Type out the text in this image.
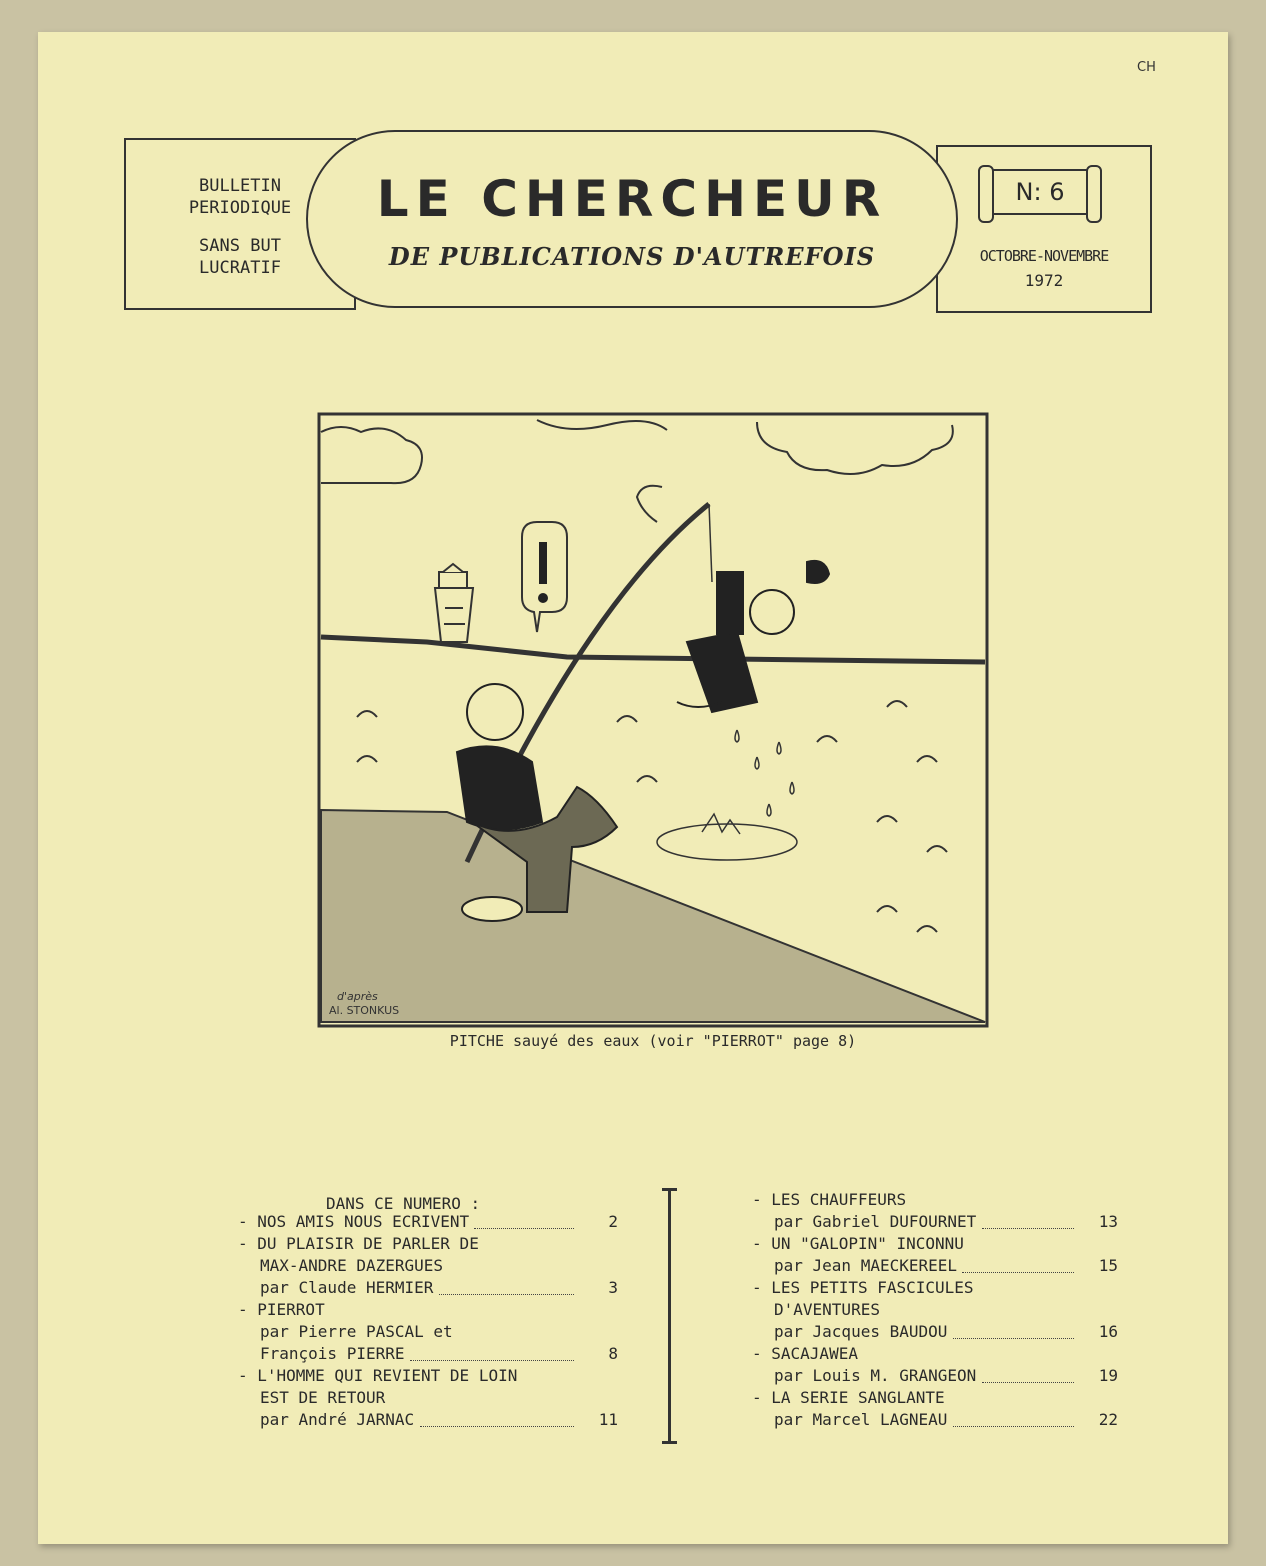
CH
BULLETIN
PERIODIQUE
SANS BUT
LUCRATIF
N: 6
OCTOBRE-NOVEMBRE
1972
LE CHERCHEUR
DE PUBLICATIONS D'AUTREFOIS
d'après
Al. STONKUS
PITCHE sauyé des eaux (voir "PIERROT" page 8)
DANS CE NUMERO :
- NOS AMIS NOUS ECRIVENT	2
- DU PLAISIR DE PARLER DE
MAX-ANDRE DAZERGUES
par Claude HERMIER	3
- PIERROT
par Pierre PASCAL et
François PIERRE	8
- L'HOMME QUI REVIENT DE LOIN
EST DE RETOUR
par André JARNAC	11
- LES CHAUFFEURS
par Gabriel DUFOURNET	13
- UN "GALOPIN" INCONNU
par Jean MAECKEREEL	15
- LES PETITS FASCICULES
D'AVENTURES
par Jacques BAUDOU	16
- SACAJAWEA
par Louis M. GRANGEON	19
- LA SERIE SANGLANTE
par Marcel LAGNEAU	22
